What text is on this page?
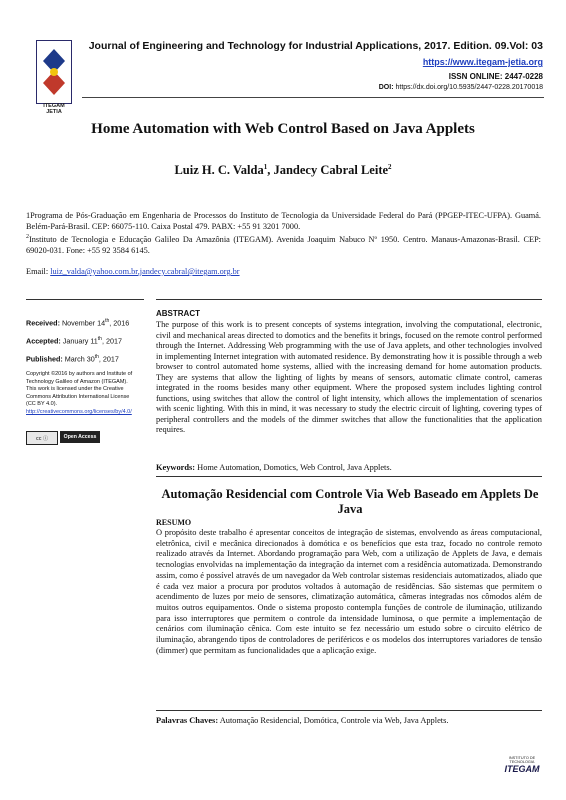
ITEGAM
JETIA
Journal of Engineering and Technology for Industrial Applications, 2017. Edition. 09.Vol: 03
https://www.itegam-jetia.org
ISSN ONLINE: 2447-0228
DOI: https://dx.doi.org/10.5935/2447-0228.20170018
Home Automation with Web Control Based on Java Applets
Luiz H. C. Valda$^1$, Jandecy Cabral Leite$^2$
1Programa de Pós-Graduação em Engenharia de Processos do Instituto de Tecnologia da Universidade Federal do Pará (PPGEP-ITEC-UFPA). Guamá. Belém-Pará-Brasil. CEP: 66075-110. Caixa Postal 479. PABX: +55 91 3201 7000.
$^2$Instituto de Tecnologia e Educação Galileo Da Amazônia (ITEGAM). Avenida Joaquim Nabuco Nº 1950. Centro. Manaus-Amazonas-Brasil. CEP: 69020-031. Fone: +55 92 3584 6145.
Email: luiz_valda@yahoo.com.br,jandecy.cabral@itegam.org.br
Received: November 14th, 2016
Accepted: January 11th, 2017
Published: March 30th, 2017
Copyright ©2016 by authors and Institute of Technology Galileo of Amazon (ITEGAM). This work is licensed under the Creative Commons Attribution International License (CC BY 4.0). http://creativecommons.org/licenses/by/4.0/
cc ⓘ	Open Access
ABSTRACT
The purpose of this work is to present concepts of systems integration, involving the computational, electronic, civil and mechanical areas directed to domotics and the benefits it brings, focused on the remote control performed through the Internet. Addressing Web programming with the use of Java applets, and other technologies involved in implementing Internet integration with automated residence. By demonstrating how it is possible through a web browser to control automated home systems, allied with the increasing demand for home automation products. They are systems that allow the lighting of lights by means of sensors, automatic climate control, cameras integrated in the rooms besides many other equipment. Where the proposed system includes lighting control functions, using switches that allow the control of light intensity, which allows the implementation of scenarios with scenic lighting. With this in mind, it was necessary to study the electric circuit of lighting, covering types of peripheral controllers and the models of the dimmer switches that allow the functionalities that the application requires.
Keywords: Home Automation, Domotics, Web Control, Java Applets.
Automação Residencial com Controle Via Web Baseado em Applets De Java
RESUMO
O propósito deste trabalho é apresentar conceitos de integração de sistemas, envolvendo as áreas computacional, eletrônica, civil e mecânica direcionados à domótica e os benefícios que esta traz, focado no controle remoto realizado através da Internet. Abordando programação para Web, com a utilização de Applets de Java, e demais tecnologias envolvidas na implementação da integração da internet com a residência automatizada. Demonstrando assim, como é possível através de um navegador da Web controlar sistemas residenciais automatizados, aliado que é cada vez maior a procura por produtos voltados à automação de residências. São sistemas que permitem o acendimento de luzes por meio de sensores, climatização automática, câmeras integradas nos cômodos além de muitos outros equipamentos. Onde o sistema proposto contempla funções de controle de iluminação, utilizando para isso interruptores que permitem o controle da intensidade luminosa, o que permite a implementação de cenários com iluminação cênica. Com este intuito se fez necessário um estudo sobre o circuito elétrico de iluminação, abrangendo tipos de controladores de periféricos e os modelos dos interruptores variadores de tensão (dimmer) que permitam as funcionalidades que a aplicação exige.
Palavras Chaves: Automação Residencial, Domótica, Controle via Web, Java Applets.
INSTITUTO DE TECNOLOGIA
ITEGAM
